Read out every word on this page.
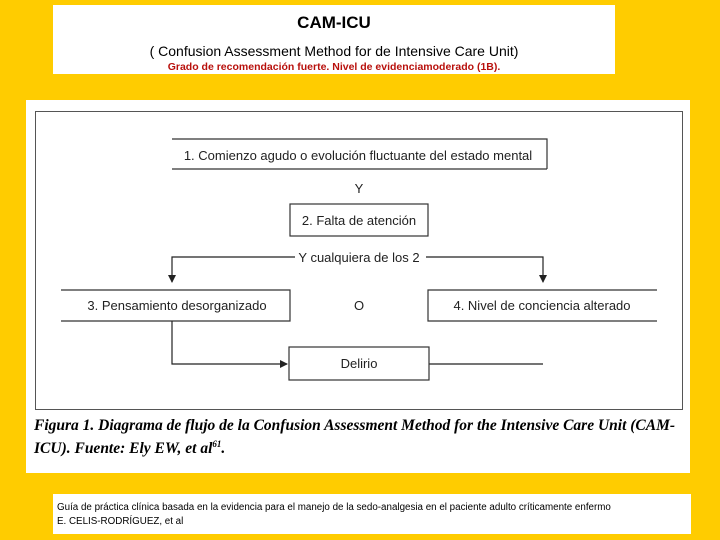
CAM-ICU
( Confusion Assessment Method for de Intensive Care Unit)
Grado de recomendación fuerte. Nivel de evidenciamoderado (1B).
1. Comienzo agudo o evolución fluctuante del estado mental
Y
2. Falta de atención
Y cualquiera de los 2
3. Pensamiento desorganizado	O	4. Nivel de conciencia alterado
Delirio
Figura 1. Diagrama de flujo de la Confusion Assessment Method for the Intensive Care Unit (CAM-ICU). Fuente: Ely EW, et $al^{61}$.
Guía de práctica clínica basada en la evidencia para el manejo de la sedo-analgesia en el paciente adulto críticamente enfermo
E. CELIS-RODRÍGUEZ, et al
